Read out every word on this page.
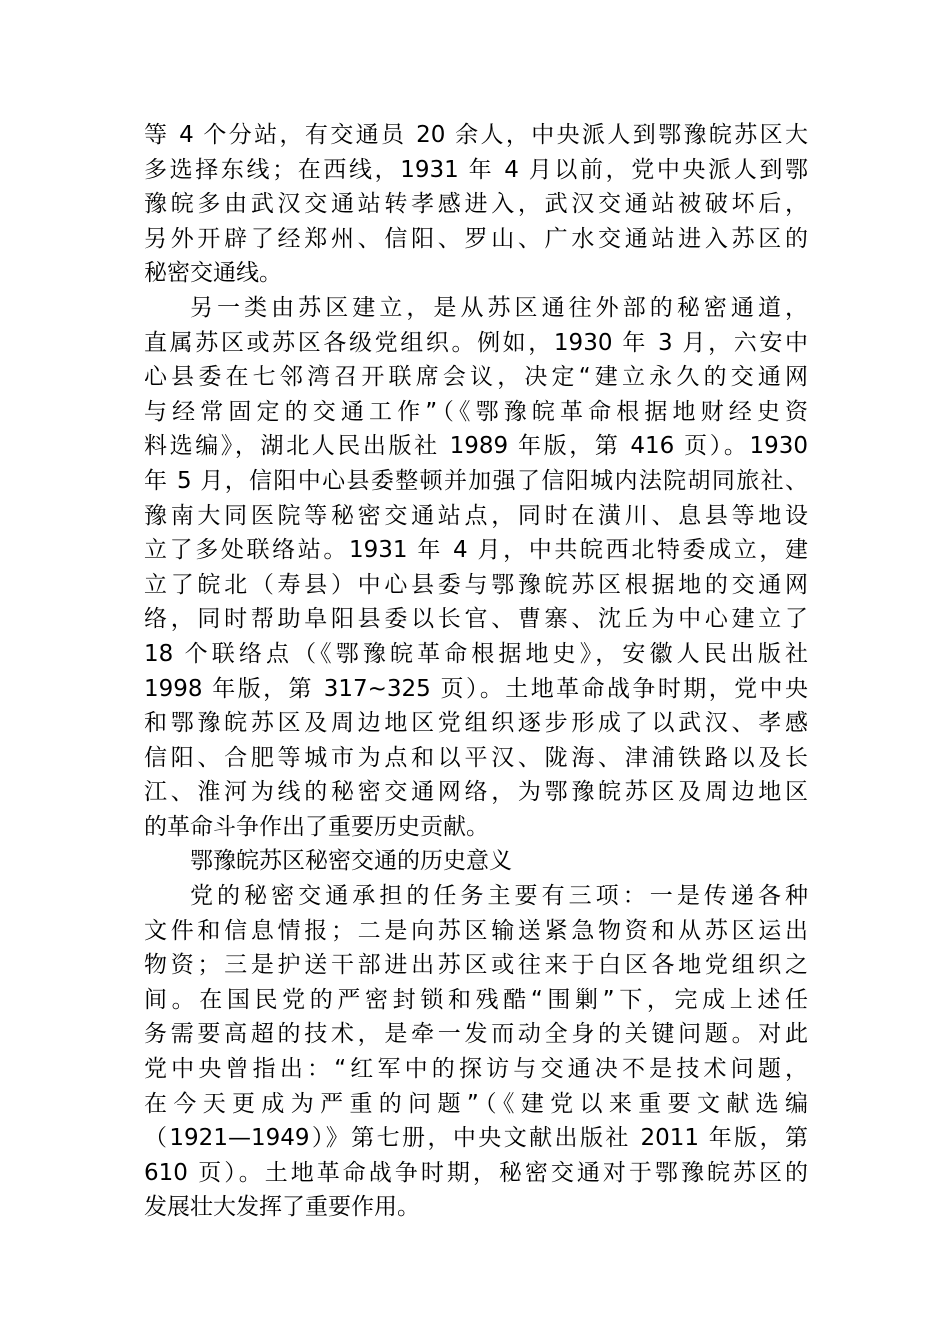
等 4 个分站，有交通员 20 余人，中央派人到鄂豫皖苏区大
多选择东线；在西线，1931 年 4 月以前，党中央派人到鄂
豫皖多由武汉交通站转孝感进入，武汉交通站被破坏后，
另外开辟了经郑州、信阳、罗山、广水交通站进入苏区的
秘密交通线。
另一类由苏区建立，是从苏区通往外部的秘密通道，
直属苏区或苏区各级党组织。例如，1930 年 3 月，六安中
心县委在七邻湾召开联席会议，决定“建立永久的交通网
与经常固定的交通工作”（《鄂豫皖革命根据地财经史资
料选编》，湖北人民出版社 1989 年版，第 416 页）。1930
年 5 月，信阳中心县委整顿并加强了信阳城内法院胡同旅社、
豫南大同医院等秘密交通站点，同时在潢川、息县等地设
立了多处联络站。1931 年 4 月，中共皖西北特委成立，建
立了皖北（寿县）中心县委与鄂豫皖苏区根据地的交通网
络，同时帮助阜阳县委以长官、曹寨、沈丘为中心建立了
18 个联络点（《鄂豫皖革命根据地史》，安徽人民出版社
1998 年版，第 317~325 页）。土地革命战争时期，党中央
和鄂豫皖苏区及周边地区党组织逐步形成了以武汉、孝感
信阳、合肥等城市为点和以平汉、陇海、津浦铁路以及长
江、淮河为线的秘密交通网络，为鄂豫皖苏区及周边地区
的革命斗争作出了重要历史贡献。
鄂豫皖苏区秘密交通的历史意义
党的秘密交通承担的任务主要有三项：一是传递各种
文件和信息情报；二是向苏区输送紧急物资和从苏区运出
物资；三是护送干部进出苏区或往来于白区各地党组织之
间。在国民党的严密封锁和残酷“围剿”下，完成上述任
务需要高超的技术，是牵一发而动全身的关键问题。对此
党中央曾指出：“红军中的探访与交通决不是技术问题，
在今天更成为严重的问题”（《建党以来重要文献选编
（1921—1949）》第七册，中央文献出版社 2011 年版，第
610 页）。土地革命战争时期，秘密交通对于鄂豫皖苏区的
发展壮大发挥了重要作用。
